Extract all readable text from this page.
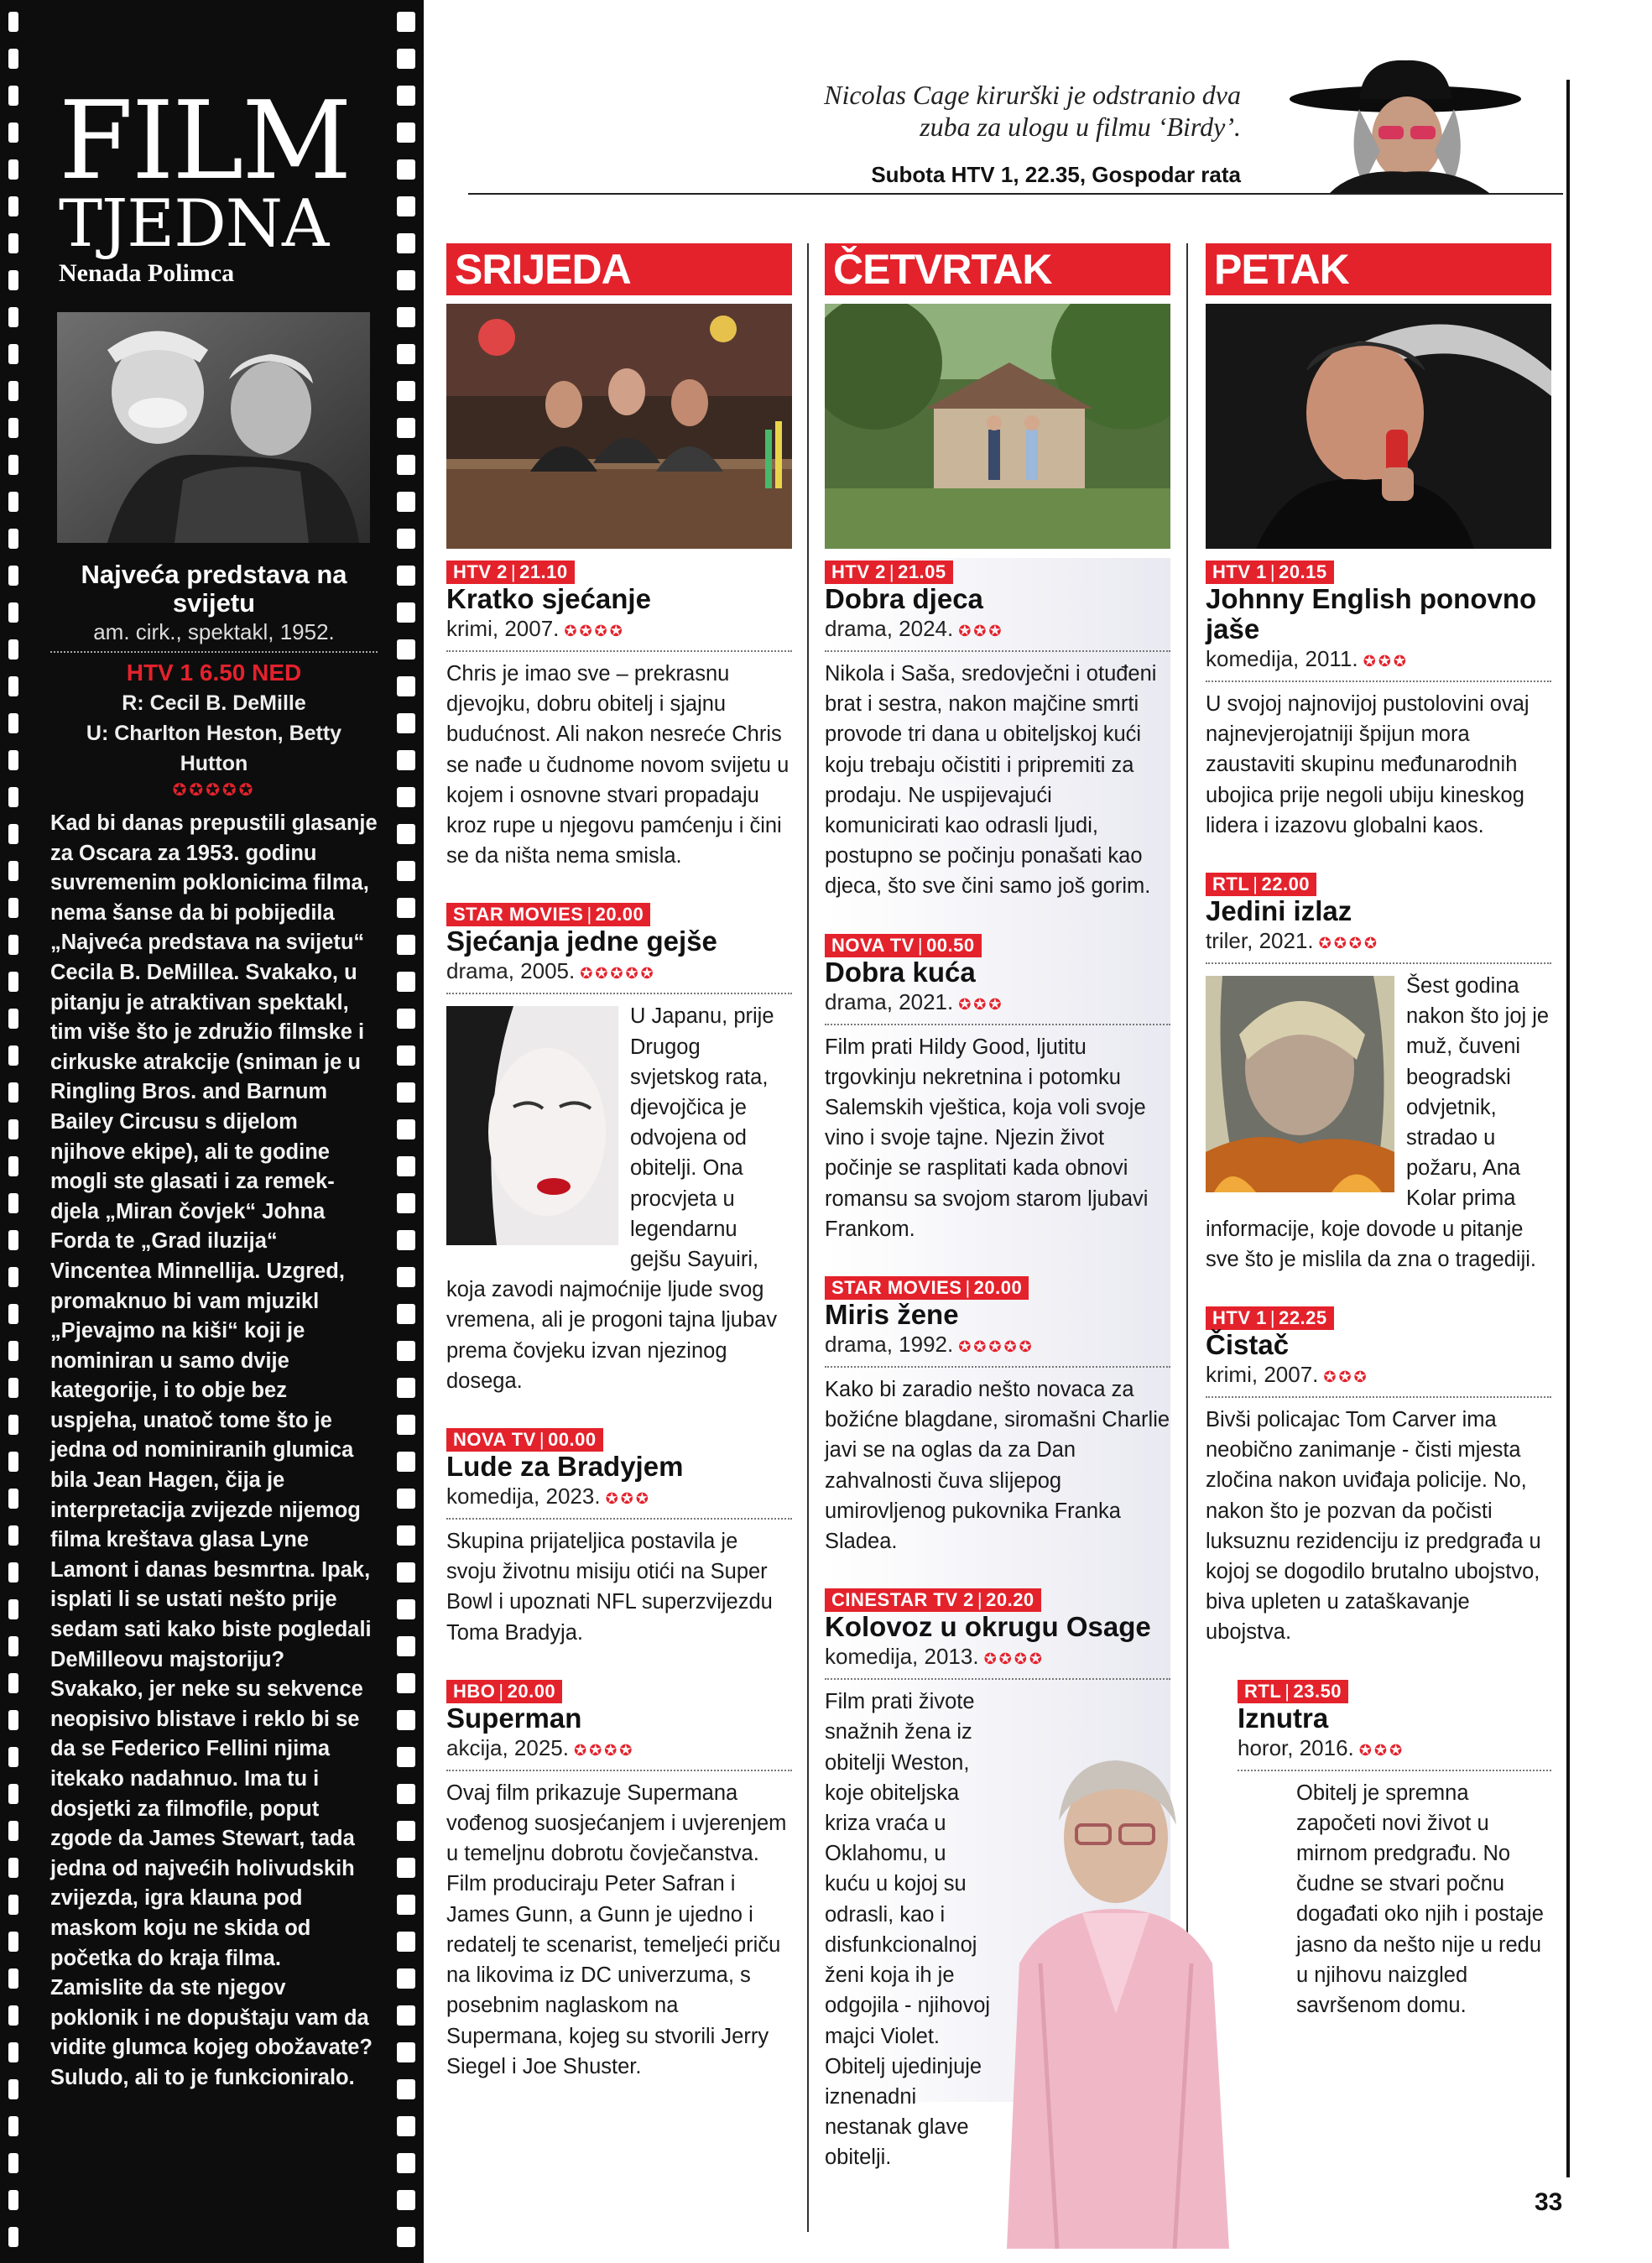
FILM
TJEDNA
Nenada Polimca
Najveća predstava na svijetu
am. cirk., spektakl, 1952.
HTV 1 6.50 NED
R: Cecil B. DeMille
U: Charlton Heston, Betty Hutton
✪✪✪✪✪
Kad bi danas prepustili glasanje za Oscara za 1953. godinu suvremenim poklonicima filma, nema šanse da bi pobijedila „Najveća predstava na svijetu“ Cecila B. DeMillea. Svakako, u pitanju je atraktivan spektakl, tim više što je združio filmske i cirkuske atrakcije (sniman je u Ringling Bros. and Barnum Bailey Circusu s dijelom njihove ekipe), ali te godine mogli ste glasati i za remek-djela „Miran čovjek“ Johna Forda te „Grad iluzija“ Vincentea Minnellija. Uzgred, promaknuo bi vam mjuzikl „Pjevajmo na kiši“ koji je nominiran u samo dvije kategorije, i to obje bez uspjeha, unatoč tome što je jedna od nominiranih glumica bila Jean Hagen, čija je interpretacija zvijezde nijemog filma kreštava glasa Lyne Lamont i danas besmrtna. Ipak, isplati li se ustati nešto prije sedam sati kako biste pogledali DeMilleovu majstoriju? Svakako, jer neke su sekvence neopisivo blistave i reklo bi se da se Federico Fellini njima itekako nadahnuo. Ima tu i dosjetki za filmofile, poput zgode da James Stewart, tada jedna od najvećih holivudskih zvijezda, igra klauna pod maskom koju ne skida od početka do kraja filma. Zamislite da ste njegov poklonik i ne dopuštaju vam da vidite glumca kojeg obožavate? Suludo, ali to je funkcioniralo.
Nicolas Cage kirurški je odstranio dva zuba za ulogu u filmu ‘Birdy’.
Subota HTV 1, 22.35, Gospodar rata
SRIJEDA
HTV 2 | 21.10
Kratko sjećanje
krimi, 2007. ✪✪✪✪
Chris je imao sve – prekrasnu djevojku, dobru obitelj i sjajnu budućnost. Ali nakon nesreće Chris se nađe u čudnome novom svijetu u kojem i osnovne stvari propadaju kroz rupe u njegovu pamćenju i čini se da ništa nema smisla.
STAR MOVIES | 20.00
Sjećanja jedne gejše
drama, 2005. ✪✪✪✪✪
U Japanu, prije Drugog svjetskog rata, djevojčica je odvojena od obitelji. Ona procvjeta u legendarnu gejšu Sayuiri, koja zavodi najmoćnije ljude svog vremena, ali je progoni tajna ljubav prema čovjeku izvan njezinog dosega.
NOVA TV | 00.00
Lude za Bradyjem
komedija, 2023. ✪✪✪
Skupina prijateljica postavila je svoju životnu misiju otići na Super Bowl i upoznati NFL superzvijezdu Toma Bradyja.
HBO | 20.00
Superman
akcija, 2025. ✪✪✪✪
Ovaj film prikazuje Supermana vođenog suosjećanjem i uvjerenjem u temeljnu dobrotu čovječanstva. Film produciraju Peter Safran i James Gunn, a Gunn je ujedno i redatelj te scenarist, temeljeći priču na likovima iz DC univerzuma, s posebnim naglaskom na Supermana, kojeg su stvorili Jerry Siegel i Joe Shuster.
ČETVRTAK
HTV 2 | 21.05
Dobra djeca
drama, 2024. ✪✪✪
Nikola i Saša, sredovječni i otuđeni brat i sestra, nakon majčine smrti provode tri dana u obiteljskoj kući koju trebaju očistiti i pripremiti za prodaju. Ne uspijevajući komunicirati kao odrasli ljudi, postupno se počinju ponašati kao djeca, što sve čini samo još gorim.
NOVA TV | 00.50
Dobra kuća
drama, 2021. ✪✪✪
Film prati Hildy Good, ljutitu trgovkinju nekretnina i potomku Salemskih vještica, koja voli svoje vino i svoje tajne. Njezin život počinje se rasplitati kada obnovi romansu sa svojom starom ljubavi Frankom.
STAR MOVIES | 20.00
Miris žene
drama, 1992. ✪✪✪✪✪
Kako bi zaradio nešto novaca za božićne blagdane, siromašni Charlie javi se na oglas da za Dan zahvalnosti čuva slijepog umirovljenog pukovnika Franka Sladea.
CINESTAR TV 2 | 20.20
Kolovoz u okrugu Osage
komedija, 2013. ✪✪✪✪
Film prati živote snažnih žena iz obitelji Weston, koje obiteljska kriza vraća u Oklahomu, u kuću u kojoj su odrasli, kao i disfunkcionalnoj ženi koja ih je odgojila - njihovoj majci Violet. Obitelj ujedinjuje iznenadni nestanak glave obitelji.
PETAK
HTV 1 | 20.15
Johnny English ponovno jaše
komedija, 2011. ✪✪✪
U svojoj najnovijoj pustolovini ovaj najnevjerojatniji špijun mora zaustaviti skupinu međunarodnih ubojica prije negoli ubiju kineskog lidera i izazovu globalni kaos.
RTL | 22.00
Jedini izlaz
triler, 2021. ✪✪✪✪
Šest godina nakon što joj je muž, čuveni beogradski odvjetnik, stradao u požaru, Ana Kolar prima informacije, koje dovode u pitanje sve što je mislila da zna o tragediji.
HTV 1 | 22.25
Čistač
krimi, 2007. ✪✪✪
Bivši policajac Tom Carver ima neobično zanimanje - čisti mjesta zločina nakon uviđaja policije. No, nakon što je pozvan da počisti luksuznu rezidenciju iz predgrađa u kojoj se dogodilo brutalno ubojstvo, biva upleten u zataškavanje ubojstva.
RTL | 23.50
Iznutra
horor, 2016. ✪✪✪
Obitelj je spremna započeti novi život u mirnom predgrađu. No čudne se stvari počnu događati oko njih i postaje jasno da nešto nije u redu u njihovu naizgled savršenom domu.
33
